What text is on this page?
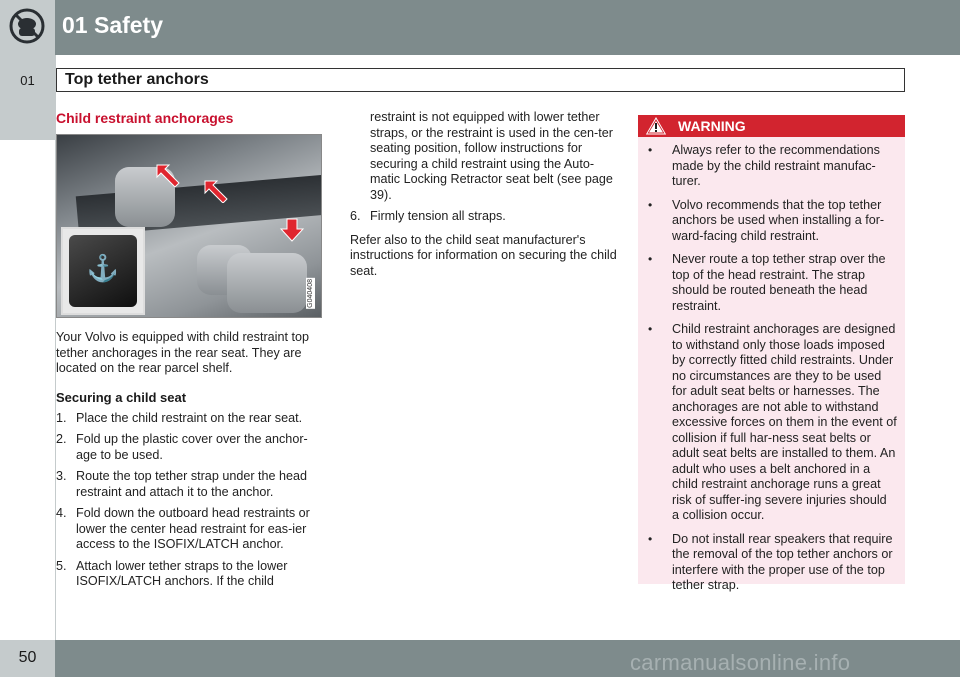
01 Safety
01	Top tether anchors
Child restraint anchorages
⚓
G040408
Your Volvo is equipped with child restraint top tether anchorages in the rear seat. They are located on the rear parcel shelf.
Securing a child seat
1. Place the child restraint on the rear seat.
2. Fold up the plastic cover over the anchor-age to be used.
3. Route the top tether strap under the head restraint and attach it to the anchor.
4. Fold down the outboard head restraints or lower the center head restraint for eas-ier access to the ISOFIX/LATCH anchor.
5. Attach lower tether straps to the lower ISOFIX/LATCH anchors. If the child
restraint is not equipped with lower tether straps, or the restraint is used in the cen-ter seating position, follow instructions for securing a child restraint using the Auto-matic Locking Retractor seat belt (see page 39).
6. Firmly tension all straps.
Refer also to the child seat manufacturer's instructions for information on securing the child seat.
WARNING
• Always refer to the recommendations made by the child restraint manufac-turer.
• Volvo recommends that the top tether anchors be used when installing a for-ward-facing child restraint.
• Never route a top tether strap over the top of the head restraint. The strap should be routed beneath the head restraint.
• Child restraint anchorages are designed to withstand only those loads imposed by correctly fitted child restraints. Under no circumstances are they to be used for adult seat belts or harnesses. The anchorages are not able to withstand excessive forces on them in the event of collision if full har-ness seat belts or adult seat belts are installed to them. An adult who uses a belt anchored in a child restraint anchorage runs a great risk of suffer-ing severe injuries should a collision occur.
• Do not install rear speakers that require the removal of the top tether anchors or interfere with the proper use of the top tether strap.
50	carmanualsonline.info
